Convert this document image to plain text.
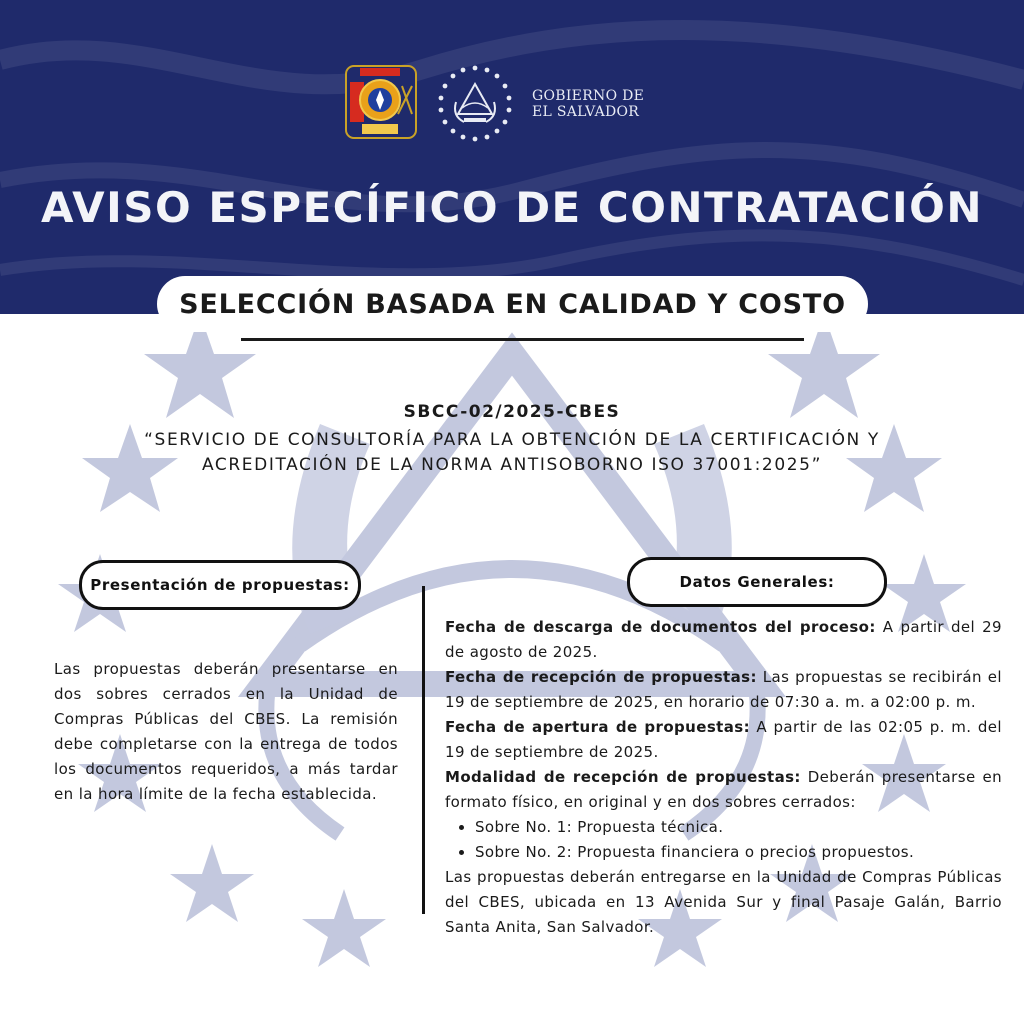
GOBIERNO DE
EL SALVADOR
AVISO ESPECÍFICO DE CONTRATACIÓN
SELECCIÓN BASADA EN CALIDAD Y COSTO
SBCC-02/2025-CBES
“SERVICIO DE CONSULTORÍA PARA LA OBTENCIÓN DE LA CERTIFICACIÓN Y ACREDITACIÓN DE LA NORMA ANTISOBORNO ISO 37001:2025”
Presentación de propuestas:	Datos Generales:
Las propuestas deberán presentarse en dos sobres cerrados en la Unidad de Compras Públicas del CBES. La remisión debe completarse con la entrega de todos los documentos requeridos, a más tardar en la hora límite de la fecha establecida.

Fecha de descarga de documentos del proceso: A partir del 29 de agosto de 2025.

Fecha de recepción de propuestas: Las propuestas se recibirán el 19 de septiembre de 2025, en horario de 07:30 a. m. a 02:00 p. m.

Fecha de apertura de propuestas: A partir de las 02:05 p. m. del 19 de septiembre de 2025.

Modalidad de recepción de propuestas: Deberán presentarse en formato físico, en original y en dos sobres cerrados:

• Sobre No. 1: Propuesta técnica.
• Sobre No. 2: Propuesta financiera o precios propuestos.

Las propuestas deberán entregarse en la Unidad de Compras Públicas del CBES, ubicada en 13 Avenida Sur y final Pasaje Galán, Barrio Santa Anita, San Salvador.
